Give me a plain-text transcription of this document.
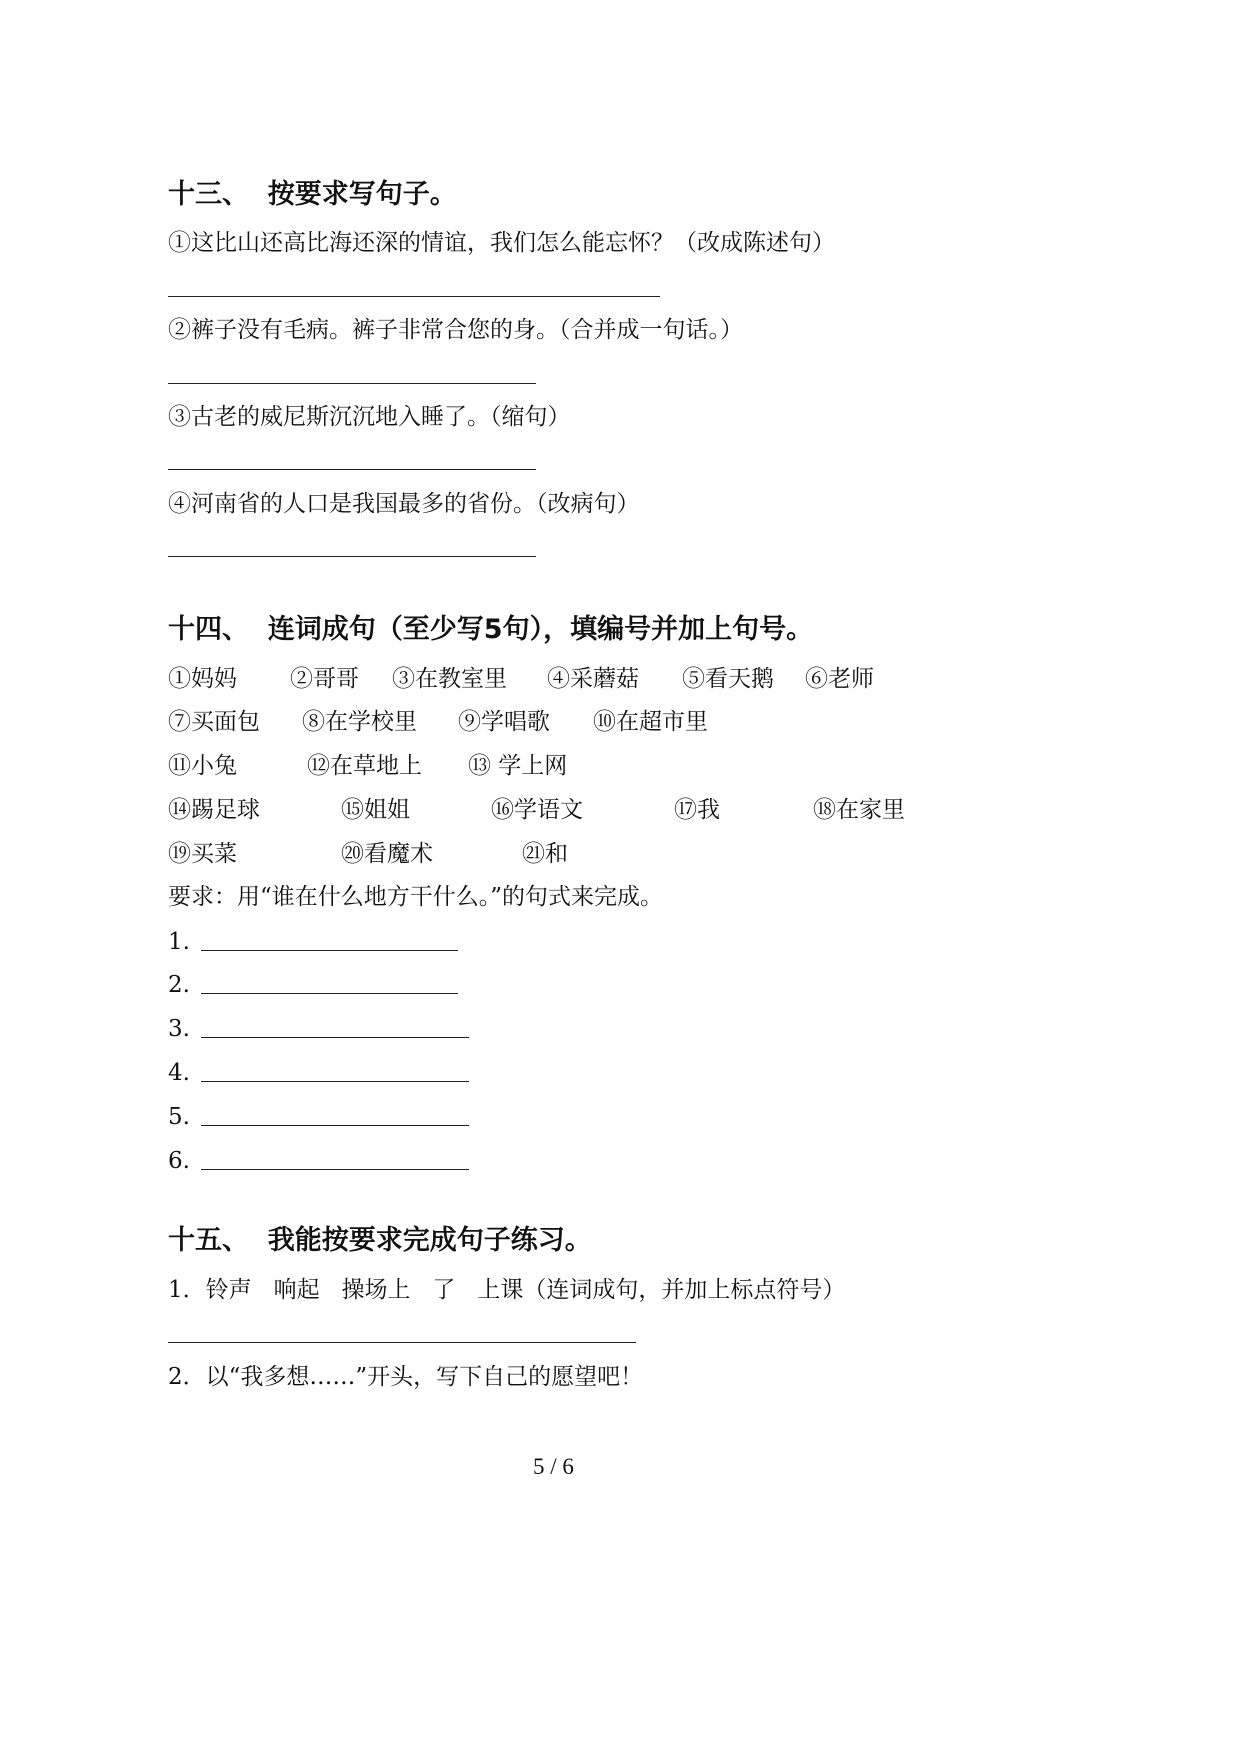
十三、  按要求写句子。
①这比山还高比海还深的情谊，我们怎么能忘怀？（改成陈述句）
②裤子没有毛病。裤子非常合您的身。（合并成一句话。）
③古老的威尼斯沉沉地入睡了。（缩句）
④河南省的人口是我国最多的省份。（改病句）
十四、  连词成句（至少写5句），填编号并加上句号。
①妈妈 ②哥哥 ③在教室里 ④采蘑菇 ⑤看天鹅 ⑥老师
⑦买面包 ⑧在学校里 ⑨学唱歌 ⑩在超市里
⑪小兔	⑫在草地上 ⑬ 学上网
⑭踢足球	⑮姐姐	⑯学语文	⑰我	⑱在家里
⑲买菜	⑳看魔术	㉑和
要求：用“谁在什么地方干什么。”的句式来完成。
1.
2.
3.
4.
5.
6.
十五、  我能按要求完成句子练习。
1．铃声   响起   操场上   了   上课（连词成句，并加上标点符号）
2．以“我多想……”开头，写下自己的愿望吧！
5 / 6
